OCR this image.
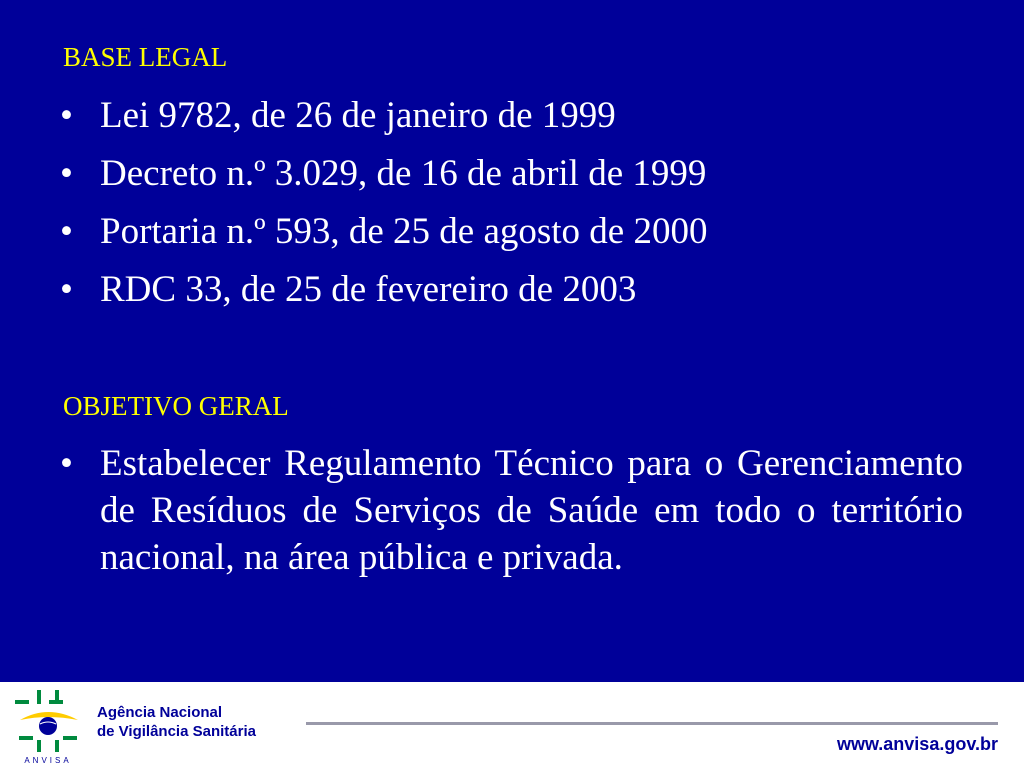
BASE LEGAL
• Lei 9782, de 26 de janeiro de 1999
• Decreto n.º 3.029, de 16 de abril de 1999
• Portaria n.º 593, de 25 de agosto de 2000
• RDC 33, de 25 de fevereiro de 2003
OBJETIVO GERAL
• Estabelecer Regulamento Técnico para o Gerenciamento de Resíduos de Serviços de Saúde em todo o território nacional, na área pública e privada.
ANVISA
Agência Nacional
de Vigilância Sanitária
www.anvisa.gov.br
